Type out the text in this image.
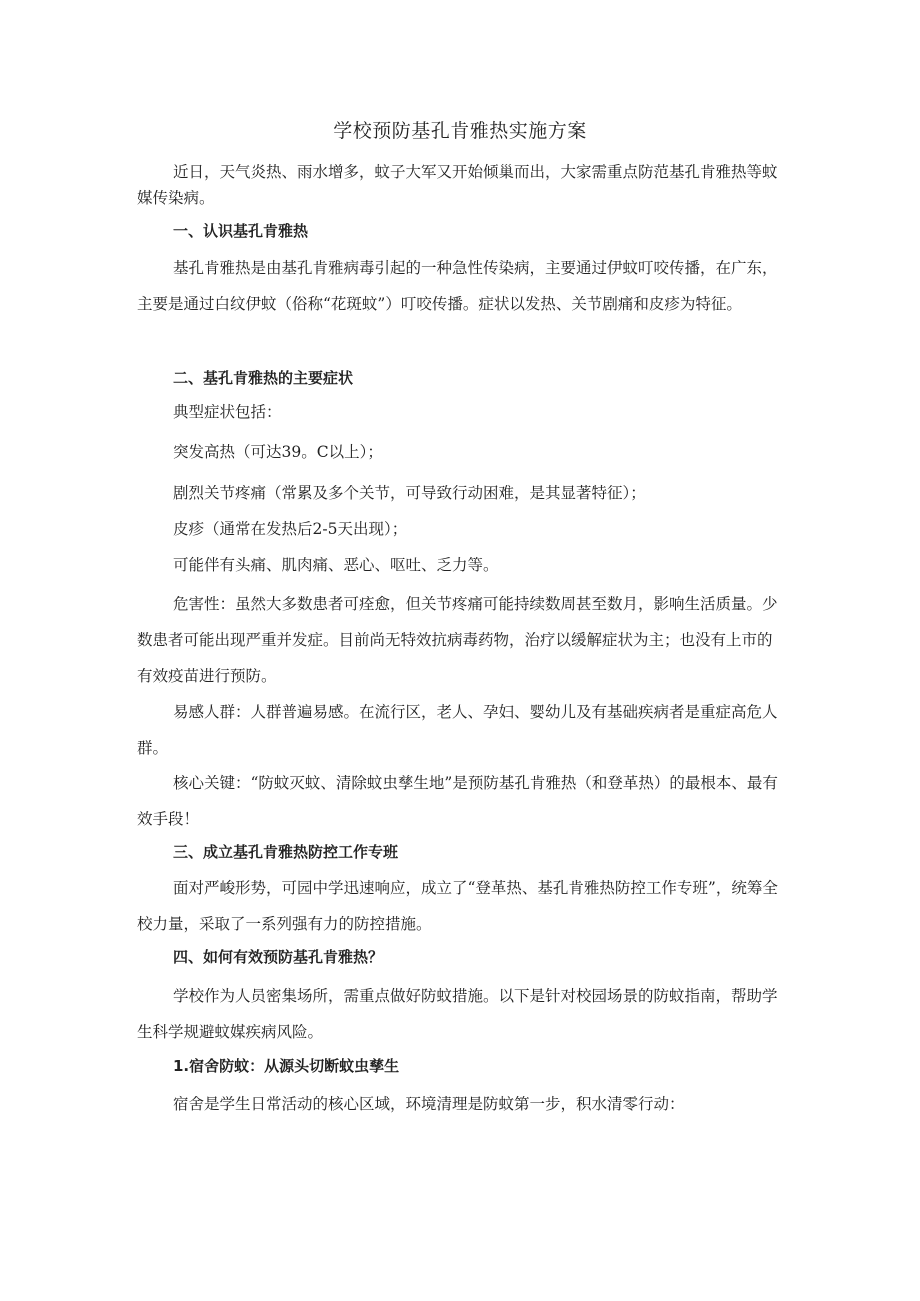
学校预防基孔肯雅热实施方案

近日，天气炎热、雨水增多，蚊子大军又开始倾巢而出，大家需重点防范基孔肯雅热等蚊媒传染病。

一、认识基孔肯雅热

基孔肯雅热是由基孔肯雅病毒引起的一种急性传染病，主要通过伊蚊叮咬传播，在广东，主要是通过白纹伊蚊（俗称“花斑蚊”）叮咬传播。症状以发热、关节剧痛和皮疹为特征。

二、基孔肯雅热的主要症状

典型症状包括：

突发高热（可达39。C以上）；

剧烈关节疼痛（常累及多个关节，可导致行动困难，是其显著特征）；

皮疹（通常在发热后2-5天出现）；

可能伴有头痛、肌肉痛、恶心、呕吐、乏力等。

危害性：虽然大多数患者可痊愈，但关节疼痛可能持续数周甚至数月，影响生活质量。少数患者可能出现严重并发症。目前尚无特效抗病毒药物，治疗以缓解症状为主；也没有上市的有效疫苗进行预防。

易感人群：人群普遍易感。在流行区，老人、孕妇、婴幼儿及有基础疾病者是重症高危人群。

核心关键：“防蚊灭蚊、清除蚊虫孳生地”是预防基孔肯雅热（和登革热）的最根本、最有效手段！

三、成立基孔肯雅热防控工作专班

面对严峻形势，可园中学迅速响应，成立了“登革热、基孔肯雅热防控工作专班”，统筹全校力量，采取了一系列强有力的防控措施。

四、如何有效预防基孔肯雅热？

学校作为人员密集场所，需重点做好防蚊措施。以下是针对校园场景的防蚊指南，帮助学生科学规避蚊媒疾病风险。

1.宿舍防蚊：从源头切断蚊虫孳生

宿舍是学生日常活动的核心区域，环境清理是防蚊第一步，积水清零行动：
